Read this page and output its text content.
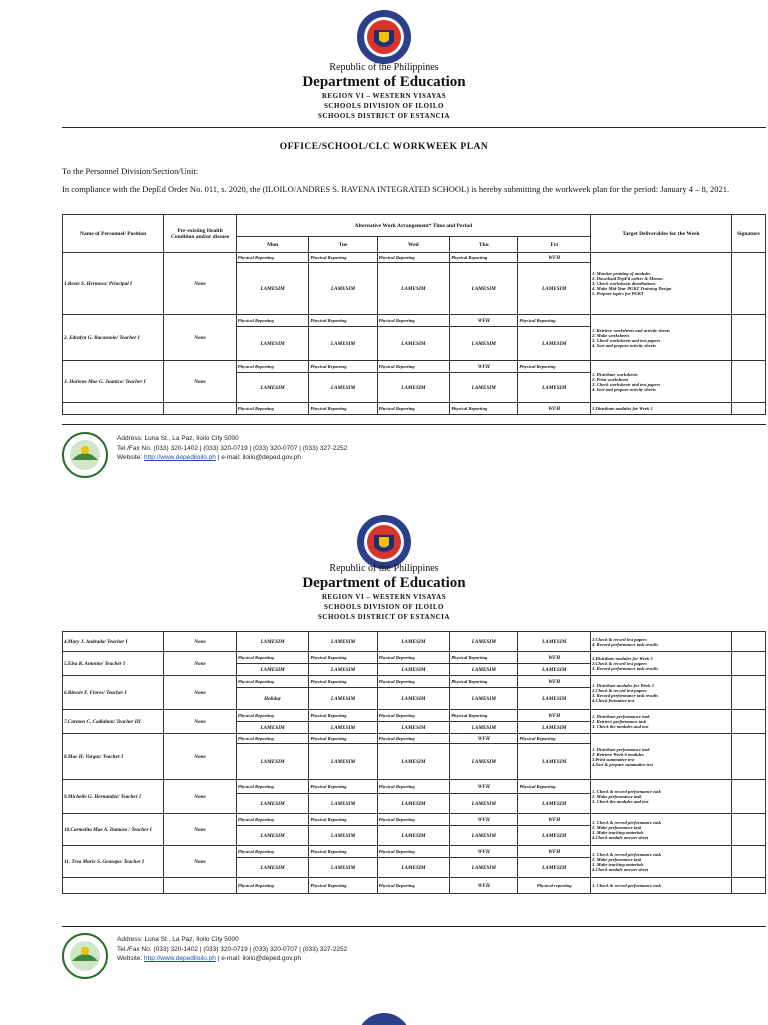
Republic of the Philippines
Department of Education
REGION VI – WESTERN VISAYAS
SCHOOLS DIVISION OF ILOILO
SCHOOLS DISTRICT OF ESTANCIA
OFFICE/SCHOOL/CLC WORKWEEK PLAN
To the Personnel Division/Section/Unit:
In compliance with the DepEd Order No. 011, s. 2020, the (ILOILO/ANDRES S. RAVENA INTEGRATED SCHOOL) is hereby submitting the workweek plan for the period: January 4 – 8, 2021.
Name of Personnel/ Position	Pre-existing Health Condition and/or disease	Alternative Work Arrangement* Time and Period					Target Deliverables for the Week	Signature
		Mon	Tue	Wed	Thu	Fri		
1.Rosie S. Hermoso/ Principal I	None	Physical Reporting	Physical Reporting	Physical Reporting	Physical Reporting	WFH	1. Monitor printing of modules
2. Download DepEd orders & Memos
3. Check worksheets distributions
4. Make Mid-Year PGKT Training Design
5. Prepare topics for PGKT	

		LAMESIM	LAMESIM	LAMESIM	LAMESIM	LAMESIM		
2. Edralyn G. Bacasnolo/ Teacher I	None	Physical Reporting	Physical Reporting	Physical Reporting	WFH	Physical Reporting	1. Retrieve worksheets and activity sheets
2. Make worksheets
3. Check worksheets and test papers
4. Sort and prepare activity sheets	

		LAMESIM	LAMESIM	LAMESIM	LAMESIM	LAMESIM		
3. Harlene Mae G. Juanico/ Teacher I	None	Physical Reporting	Physical Reporting	Physical Reporting	WFH	Physical Reporting	1. Distribute worksheets
2. Print worksheets
3. Check worksheets and test papers
4. Sort and prepare activity sheets	

		LAMESIM	LAMESIM	LAMESIM	LAMESIM	LAMESIM		
		Physical Reporting	Physical Reporting	Physical Reporting	Physical Reporting	WFH	1.Distribute modules for Week 5	
Address: Luna St., La Paz, Iloilo City 5000
Tel./Fax No. (033) 320-1402 | (033) 320-0719 | (033) 320-0707 | (033) 327-2252
Website: http://www.depediloilo.ph | e-mail: iloilo@deped.gov.ph
Republic of the Philippines
Department of Education
REGION VI – WESTERN VISAYAS
SCHOOLS DIVISION OF ILOILO
SCHOOLS DISTRICT OF ESTANCIA
4.Mary J. Andrada/ Teacher I	None	LAMESIM	LAMESIM	LAMESIM	LAMESIM	LAMESIM	3.Check & record test papers
4. Record performance task results	

5.Elsa R. Antonio/ Teacher I	None	Physical Reporting	Physical Reporting	Physical Reporting	Physical Reporting	WFH	1.Distribute modules for Week 5
2.Check & record test papers
3. Record performance task results	

		LAMESIM	LAMESIM	LAMESIM	LAMESIM	LAMESIM		
6.Blessie F. Flores/ Teacher I	None	Physical Reporting	Physical Reporting	Physical Reporting	Physical Reporting	WFH	1. Distribute modules for Week 5
2.Check & record test papers
3. Record performance task results
4.Check formative test	

		Holiday	LAMESIM	LAMESIM	LAMESIM	LAMESIM		
7.Carmen C. Cadiahan/ Teacher III	None	Physical Reporting	Physical Reporting	Physical Reporting	Physical Reporting	WFH	1. Distribute performance task
2. Retrieve performance task
3. Check the modules and test	

		LAMESIM	LAMESIM	LAMESIM	LAMESIM	LAMESIM		
8.Mae H. Vargas/ Teacher I	None	Physical Reporting	Physical Reporting	Physical Reporting	WFH	Physical Reporting	1. Distribute performance task
2. Retrieve Week 6 modules
3.Print summative test
4.Sort & prepare summative test	

		LAMESIM	LAMESIM	LAMESIM	LAMESIM	LAMESIM		
9.Michelle G. Hernandez/ Teacher I	None	Physical Reporting	Physical Reporting	Physical Reporting	WFH	Physical Reporting	1. Check & record performance task
2. Make performance task
3. Check the modules and test	

		LAMESIM	LAMESIM	LAMESIM	LAMESIM	LAMESIM		
10.Carmelita Mae A. Damaso / Teacher I	None	Physical Reporting	Physical Reporting	Physical Reporting	WFH	WFH	1. Check & record performance task
2. Make performance task
3. Make teaching materials
4.Check module answer sheet	

		LAMESIM	LAMESIM	LAMESIM	LAMESIM	LAMESIM		
11. Trea Marie S. Geasopo/ Teacher I	None	Physical Reporting	Physical Reporting	Physical Reporting	WFH	WFH	1. Check & record performance task
2. Make performance task
3. Make teaching materials
4.Check module answer sheet	

		LAMESIM	LAMESIM	LAMESIM	LAMESIM	LAMESIM		
		Physical Reporting	Physical Reporting	Physical Reporting	WFH	Physical reporting	1. Check & record performance task	
Address: Luna St., La Paz, Iloilo City 5000
Tel./Fax No. (033) 320-1402 | (033) 320-0719 | (033) 320-0707 | (033) 327-2252
Website: http://www.depediloilo.ph | e-mail: iloilo@deped.gov.ph
